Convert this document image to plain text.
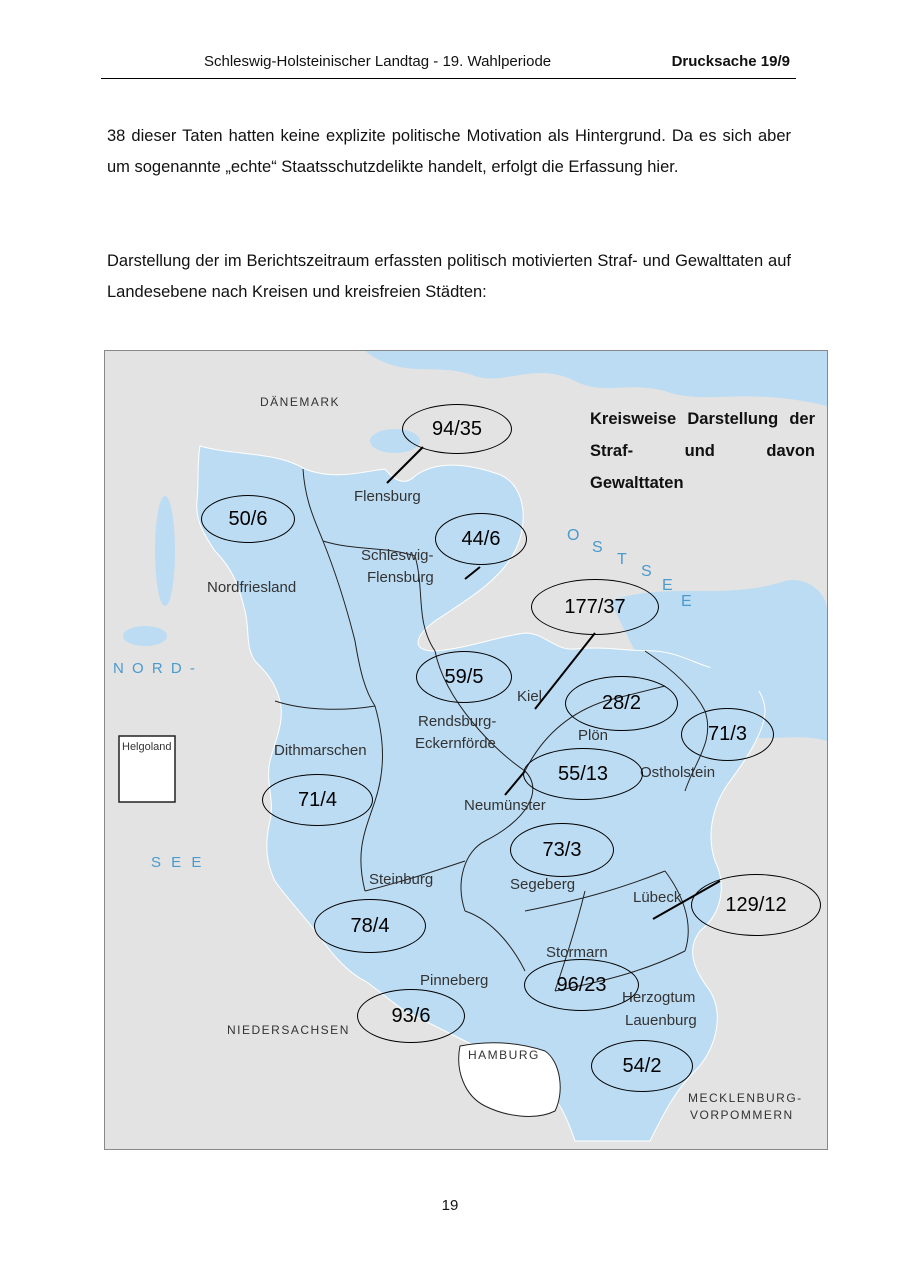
Schleswig-Holsteinischer Landtag - 19. Wahlperiode	Drucksache 19/9
38 dieser Taten hatten keine explizite politische Motivation als Hintergrund. Da es sich aber um sogenannte „echte“ Staatsschutzdelikte handelt, erfolgt die Erfassung hier.
Darstellung der im Berichtszeitraum erfassten politisch motivierten Straf- und Gewalttaten auf Landesebene nach Kreisen und kreisfreien Städten:
DÄNEMARK
N O R D -
S E E
O
S
T
S
E
E
NIEDERSACHSEN
HAMBURG
MECKLENBURG-
VORPOMMERN
Helgoland
Flensburg
Nordfriesland
Schleswig-
Flensburg
Kiel
Plön
Ostholstein
Rendsburg-
Eckernförde
Dithmarschen
Neumünster
Steinburg	Segeberg
Lübeck
Stormarn
Pinneberg
Herzogtum
Lauenburg
Kreisweise Darstellung der Straf- und davon Gewalttaten
94/35
50/6
44/6
177/37
59/5
28/2
71/3
55/13
71/4
73/3
129/12
78/4
96/23
93/6
54/2
19
